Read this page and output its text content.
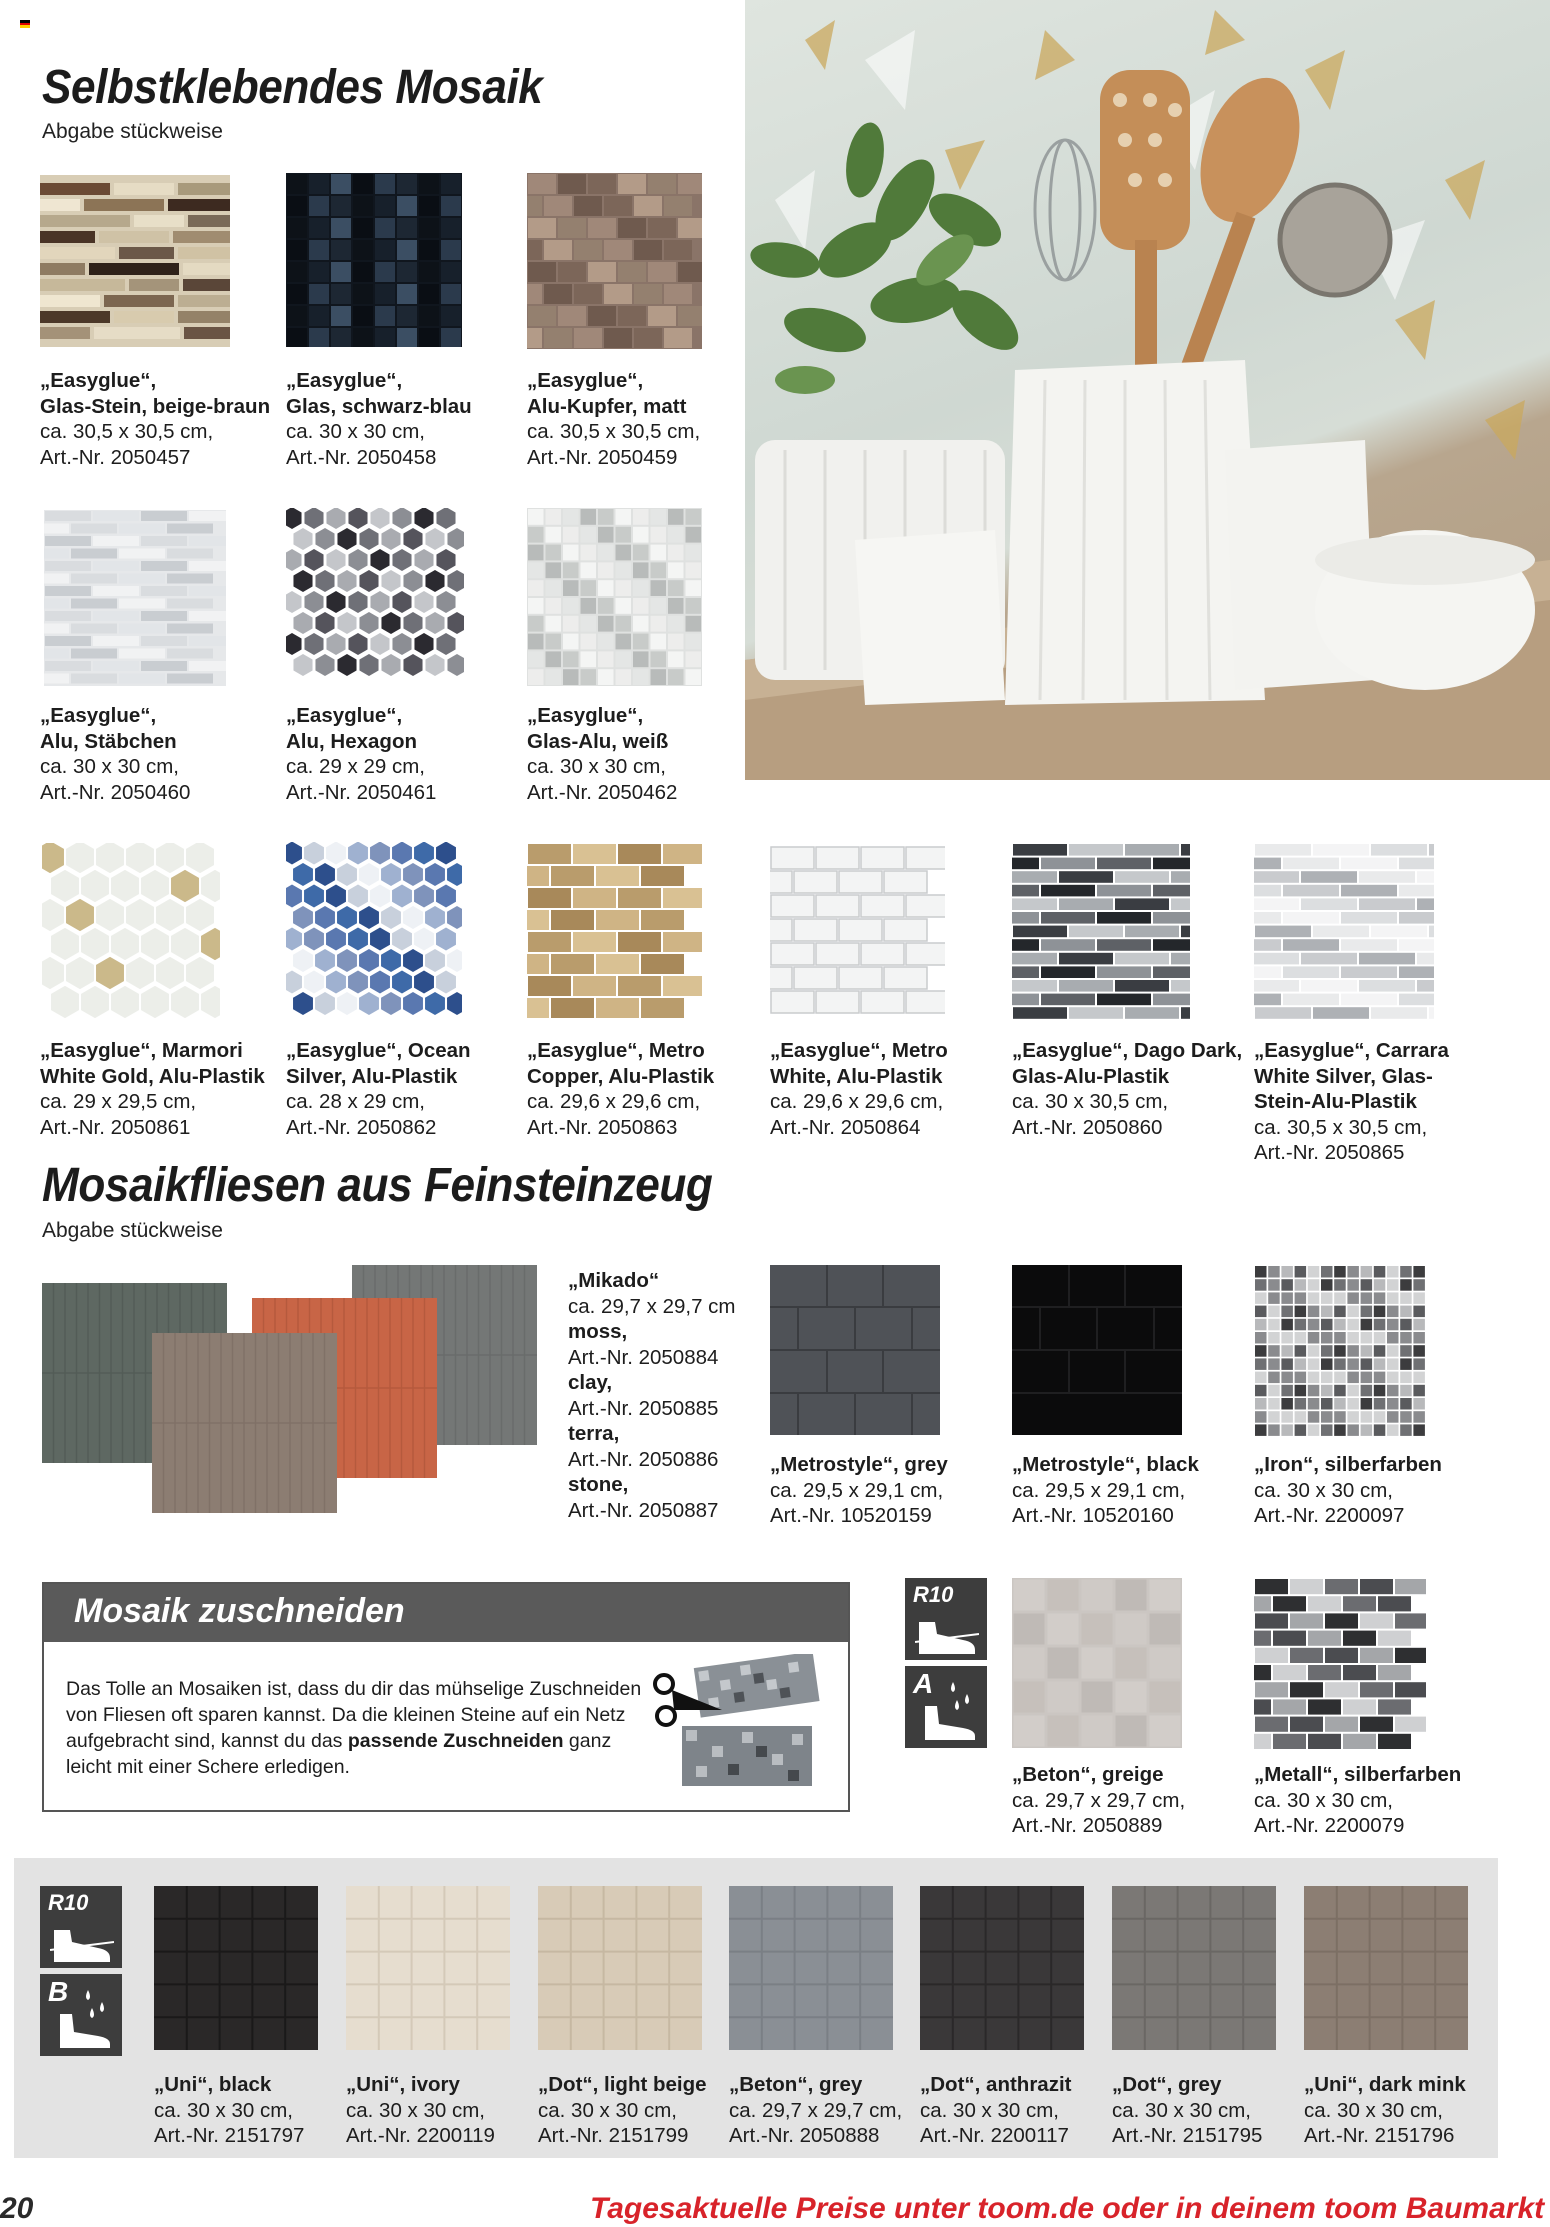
Selbstklebendes Mosaik
Abgabe stückweise
„Easyglue“,
Glas-Stein, beige-braun
ca. 30,5 x 30,5 cm,
Art.-Nr. 2050457
„Easyglue“,
Glas, schwarz-blau
ca. 30 x 30 cm,
Art.-Nr. 2050458
„Easyglue“,
Alu-Kupfer, matt
ca. 30,5 x 30,5 cm,
Art.-Nr. 2050459
„Easyglue“,
Alu, Stäbchen
ca. 30 x 30 cm,
Art.-Nr. 2050460
„Easyglue“,
Alu, Hexagon
ca. 29 x 29 cm,
Art.-Nr. 2050461
„Easyglue“,
Glas-Alu, weiß
ca. 30 x 30 cm,
Art.-Nr. 2050462
„Easyglue“, Marmori
White Gold, Alu-Plastik
ca. 29 x 29,5 cm,
Art.-Nr. 2050861
„Easyglue“, Ocean
Silver, Alu-Plastik
ca. 28 x 29 cm,
Art.-Nr. 2050862
„Easyglue“, Metro
Copper, Alu-Plastik
ca. 29,6 x 29,6 cm,
Art.-Nr. 2050863
„Easyglue“, Metro
White, Alu-Plastik
ca. 29,6 x 29,6 cm,
Art.-Nr. 2050864
„Easyglue“, Dago Dark,
Glas-Alu-Plastik
ca. 30 x 30,5 cm,
Art.-Nr. 2050860
„Easyglue“, Carrara
White Silver, Glas-
Stein-Alu-Plastik
ca. 30,5 x 30,5 cm,
Art.-Nr. 2050865
Mosaikfliesen aus Feinsteinzeug
Abgabe stückweise
„Mikado“
ca. 29,7 x 29,7 cm
moss,
Art.-Nr. 2050884
clay,
Art.-Nr. 2050885
terra,
Art.-Nr. 2050886
stone,
Art.-Nr. 2050887
„Metrostyle“, grey
ca. 29,5 x 29,1 cm,
Art.-Nr. 10520159
„Metrostyle“, black
ca. 29,5 x 29,1 cm,
Art.-Nr. 10520160
„Iron“, silberfarben
ca. 30 x 30 cm,
Art.-Nr. 2200097
Mosaik zuschneiden
Das Tolle an Mosaiken ist, dass du dir das mühselige Zuschneiden von Fliesen oft sparen kannst. Da die kleinen Steine auf ein Netz aufgebracht sind, kannst du das passende Zuschneiden ganz leicht mit einer Schere erledigen.
R10
A
„Beton“, greige
ca. 29,7 x 29,7 cm,
Art.-Nr. 2050889
„Metall“, silberfarben
ca. 30 x 30 cm,
Art.-Nr. 2200079
R10
B
„Uni“, black
ca. 30 x 30 cm,
Art.-Nr. 2151797
„Uni“, ivory
ca. 30 x 30 cm,
Art.-Nr. 2200119
„Dot“, light beige
ca. 30 x 30 cm,
Art.-Nr. 2151799
„Beton“, grey
ca. 29,7 x 29,7 cm,
Art.-Nr. 2050888
„Dot“, anthrazit
ca. 30 x 30 cm,
Art.-Nr. 2200117
„Dot“, grey
ca. 30 x 30 cm,
Art.-Nr. 2151795
„Uni“, dark mink
ca. 30 x 30 cm,
Art.-Nr. 2151796
20	Tagesaktuelle Preise unter toom.de oder in deinem toom Baumarkt
